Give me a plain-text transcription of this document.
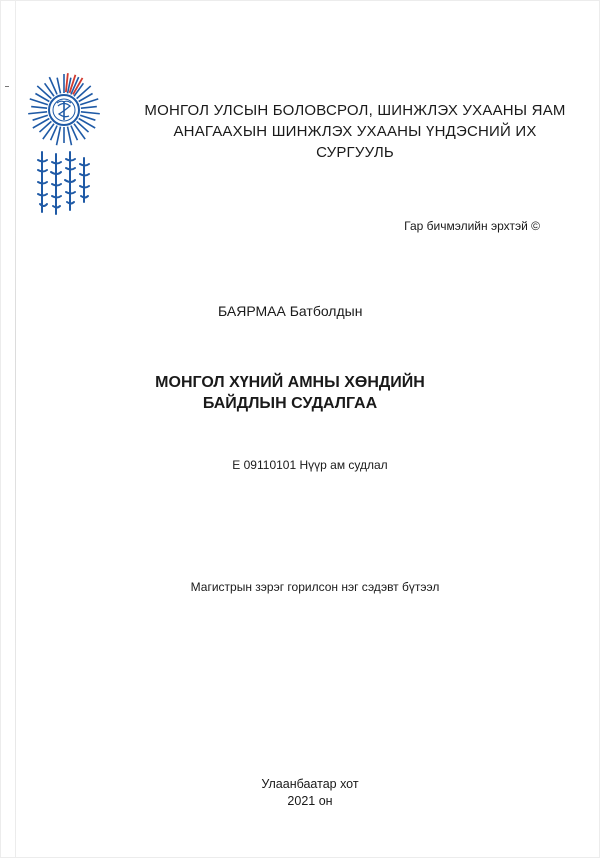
МОНГОЛ УЛСЫН БОЛОВСРОЛ, ШИНЖЛЭХ УХААНЫ ЯАМ
АНАГААХЫН ШИНЖЛЭХ УХААНЫ ҮНДЭСНИЙ ИХ СУРГУУЛЬ
Гар бичмэлийн эрхтэй ©
БАЯРМАА Батболдын
МОНГОЛ ХҮНИЙ АМНЫ ХӨНДИЙН
БАЙДЛЫН СУДАЛГАА
Е 09110101 Нүүр ам судлал
Магистрын зэрэг горилсон нэг сэдэвт бүтээл
Улаанбаатар хот
2021 он
